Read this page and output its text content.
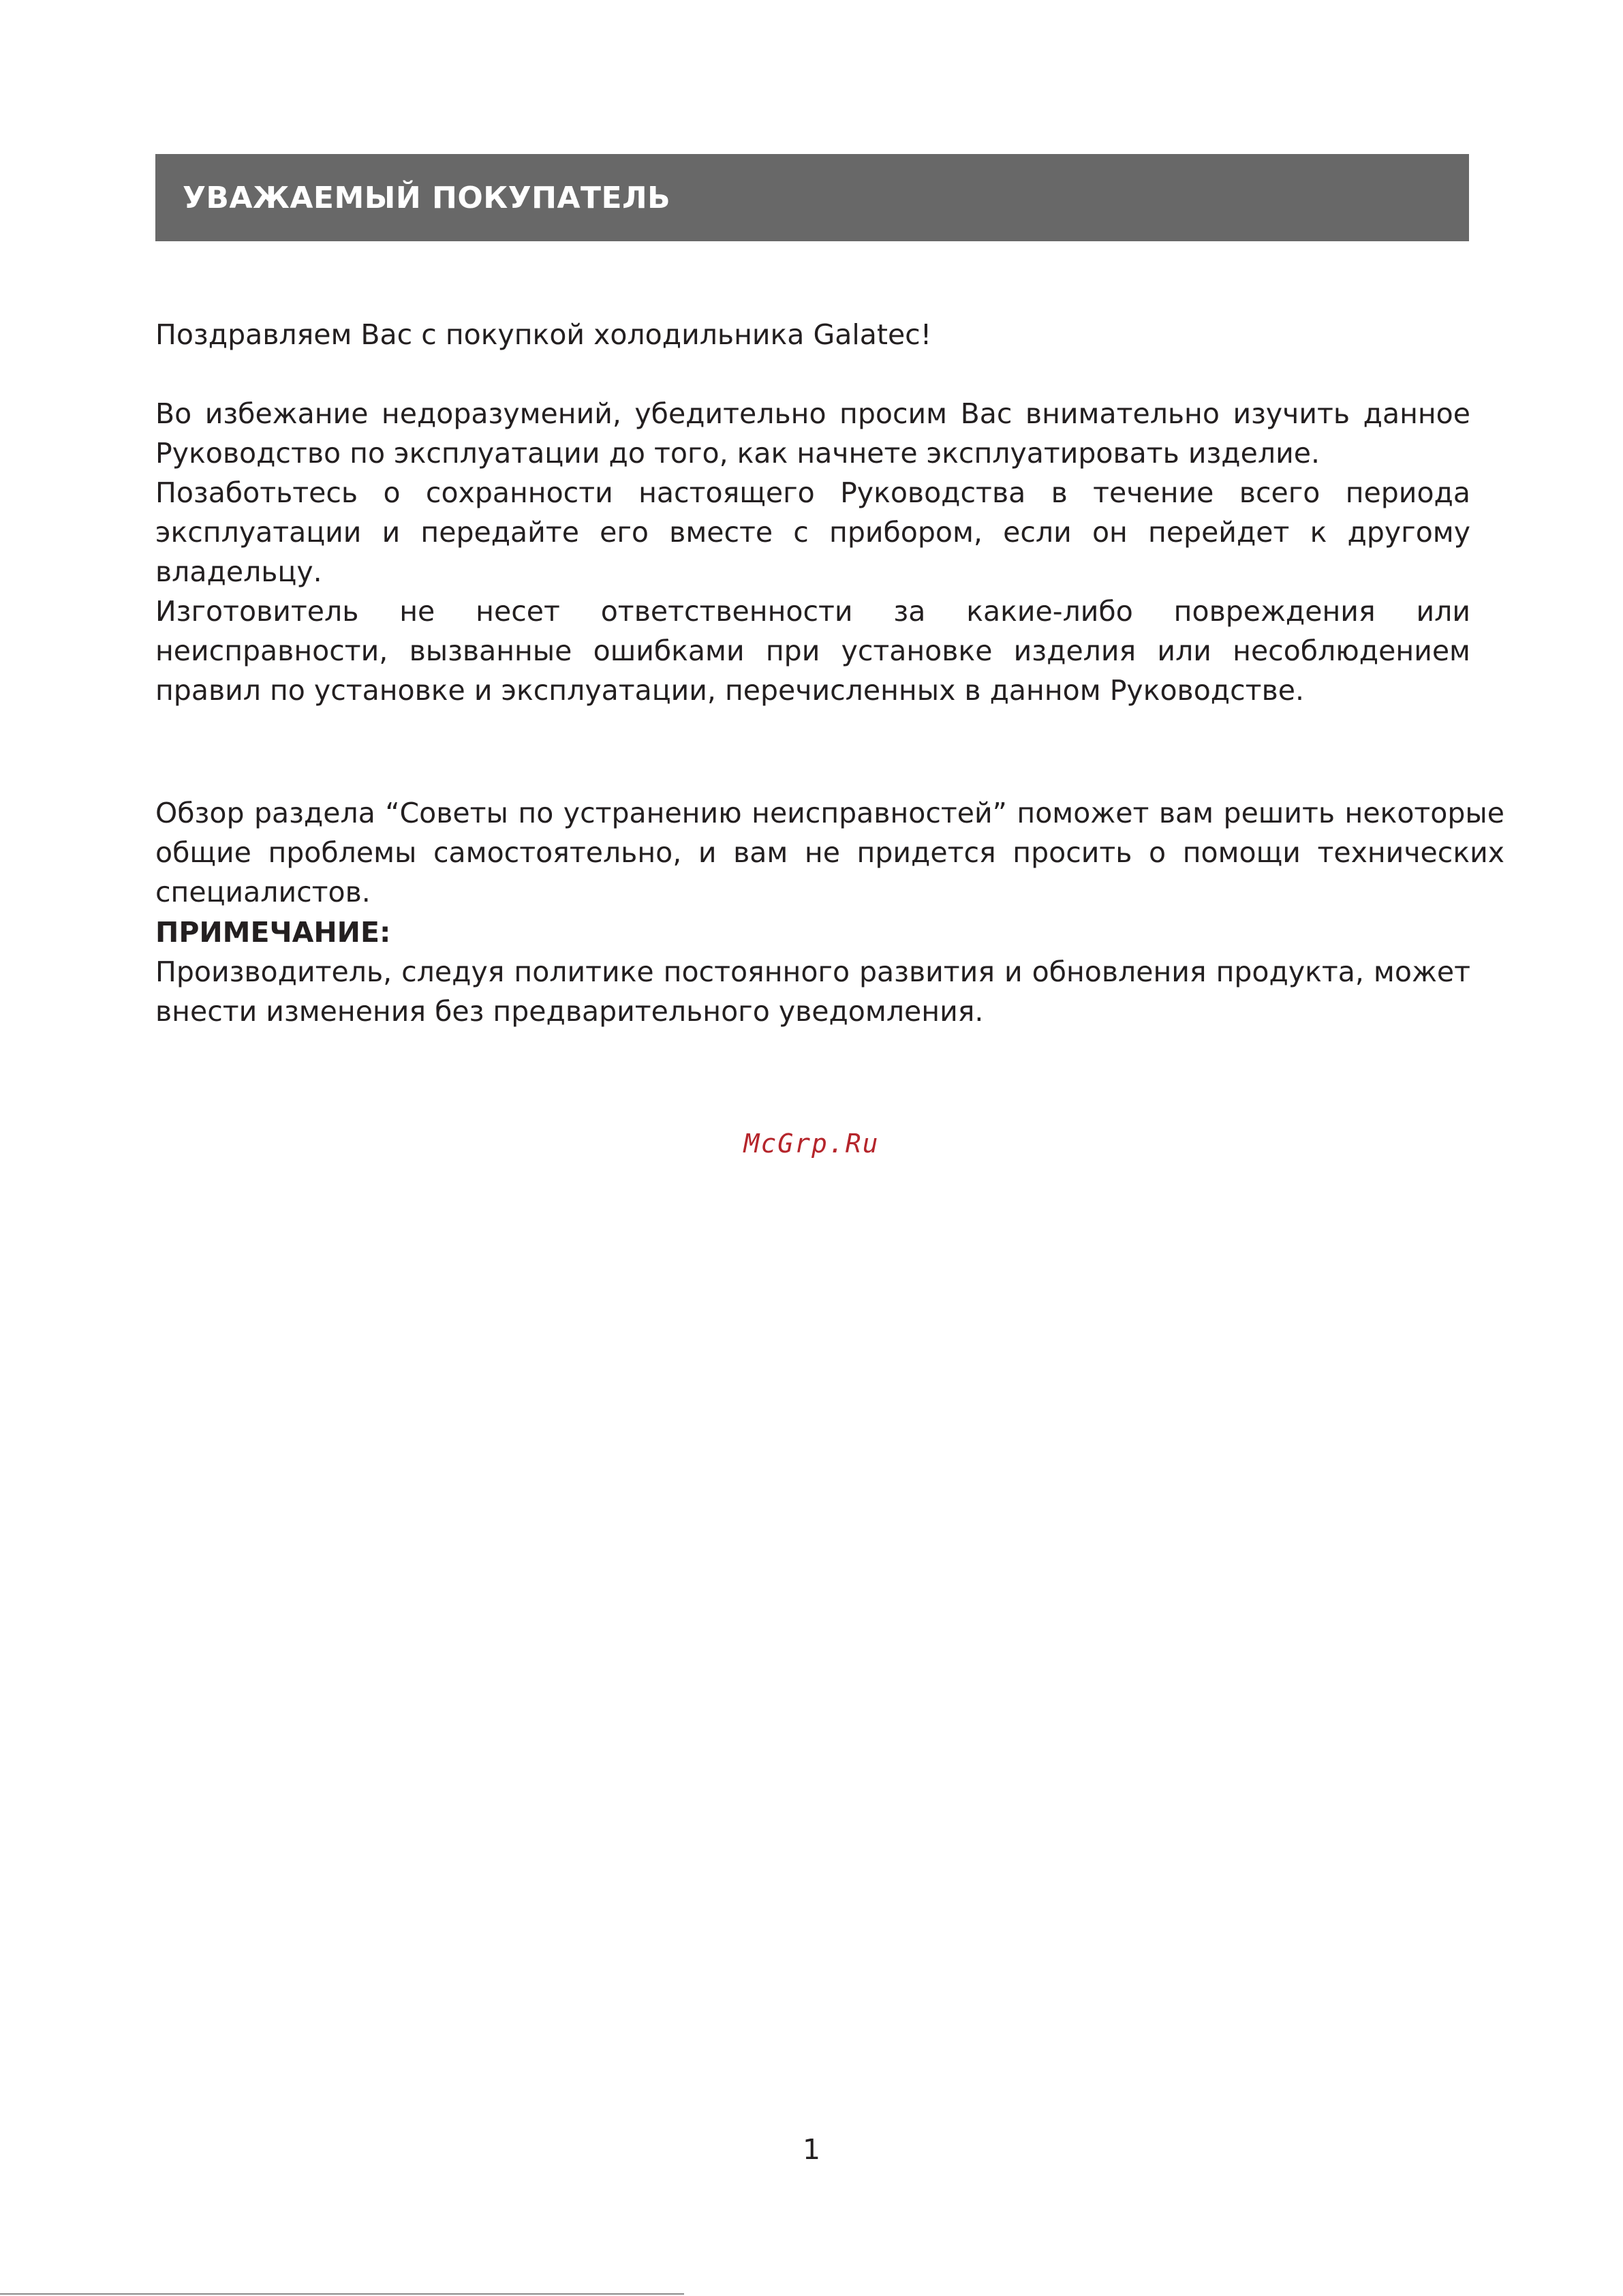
УВАЖАЕМЫЙ ПОКУПАТЕЛЬ

Поздравляем Вас с покупкой холодильника Galatec!

Во избежание недоразумений, убедительно просим Вас внимательно изучить данное Руководство по эксплуатации до того, как начнете эксплуатировать изделие.

Позаботьтесь о сохранности настоящего Руководства в течение всего периода эксплуатации и передайте его вместе с прибором, если он перейдет к другому владельцу.

Изготовитель не несет ответственности за какие-либо повреждения или неисправности, вызванные ошибками при установке изделия или несоблюдением правил по установке и эксплуатации, перечисленных в данном Руководстве.

Обзор раздела “Советы по устранению неисправностей” поможет вам решить некоторые общие проблемы самостоятельно, и вам не придется просить о помощи технических специалистов.

ПРИМЕЧАНИЕ:

Производитель, следуя политике постоянного развития и обновления продукта, может внести изменения без предварительного уведомления.

McGrp.Ru
1
